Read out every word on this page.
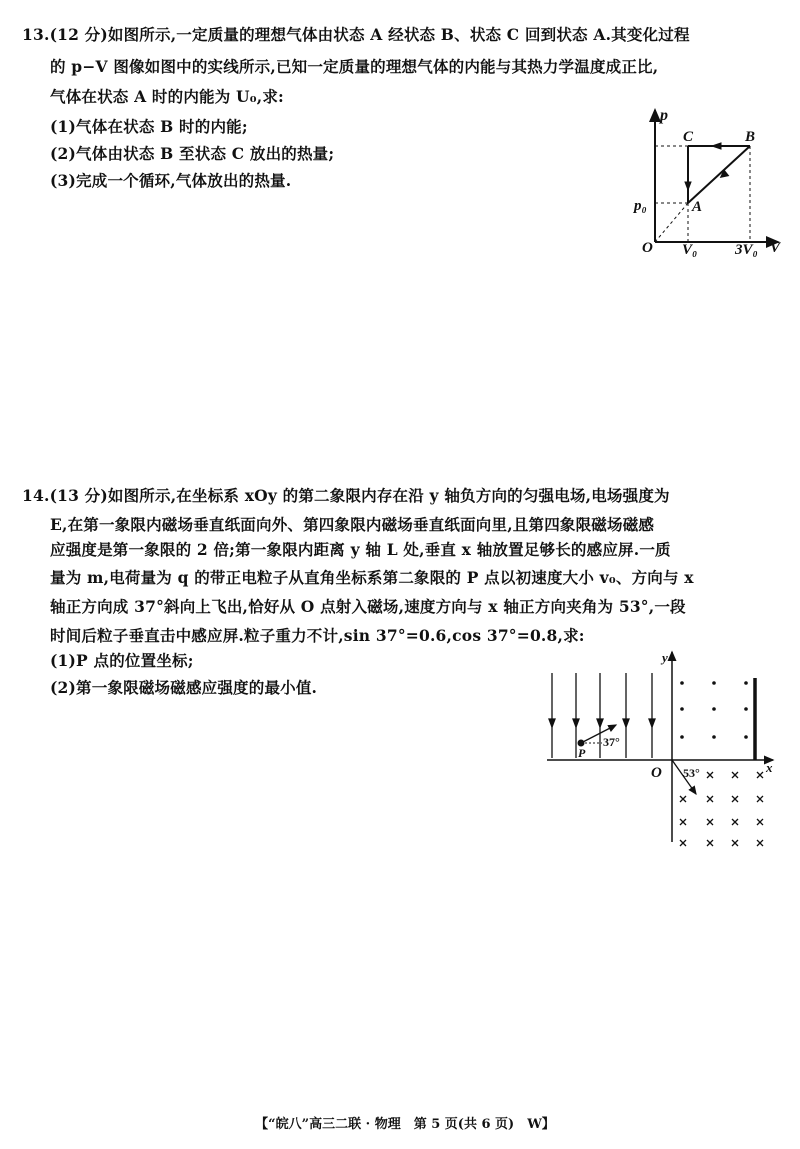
13.(12 分)如图所示,一定质量的理想气体由状态 A 经状态 B、状态 C 回到状态 A.其变化过程
的 p−V 图像如图中的实线所示,已知一定质量的理想气体的内能与其热力学温度成正比,
气体在状态 A 时的内能为 U₀,求:
(1)气体在状态 B 时的内能;
(2)气体由状态 B 至状态 C 放出的热量;
(3)完成一个循环,气体放出的热量.
p
C	B
A
p₀
O V₀	3V₀ V
y
x
O
P
37°
53°
14.(13 分)如图所示,在坐标系 xOy 的第二象限内存在沿 y 轴负方向的匀强电场,电场强度为
E,在第一象限内磁场垂直纸面向外、第四象限内磁场垂直纸面向里,且第四象限磁场磁感
应强度是第一象限的 2 倍;第一象限内距离 y 轴 L 处,垂直 x 轴放置足够长的感应屏.一质
量为 m,电荷量为 q 的带正电粒子从直角坐标系第二象限的 P 点以初速度大小 v₀、方向与 x
轴正方向成 37°斜向上飞出,恰好从 O 点射入磁场,速度方向与 x 轴正方向夹角为 53°,一段
时间后粒子垂直击中感应屏.粒子重力不计,sin 37°=0.6,cos 37°=0.8,求:
(1)P 点的位置坐标;
(2)第一象限磁场磁感应强度的最小值.
【“皖八”高三二联 · 物理　第 5 页(共 6 页)　W】
